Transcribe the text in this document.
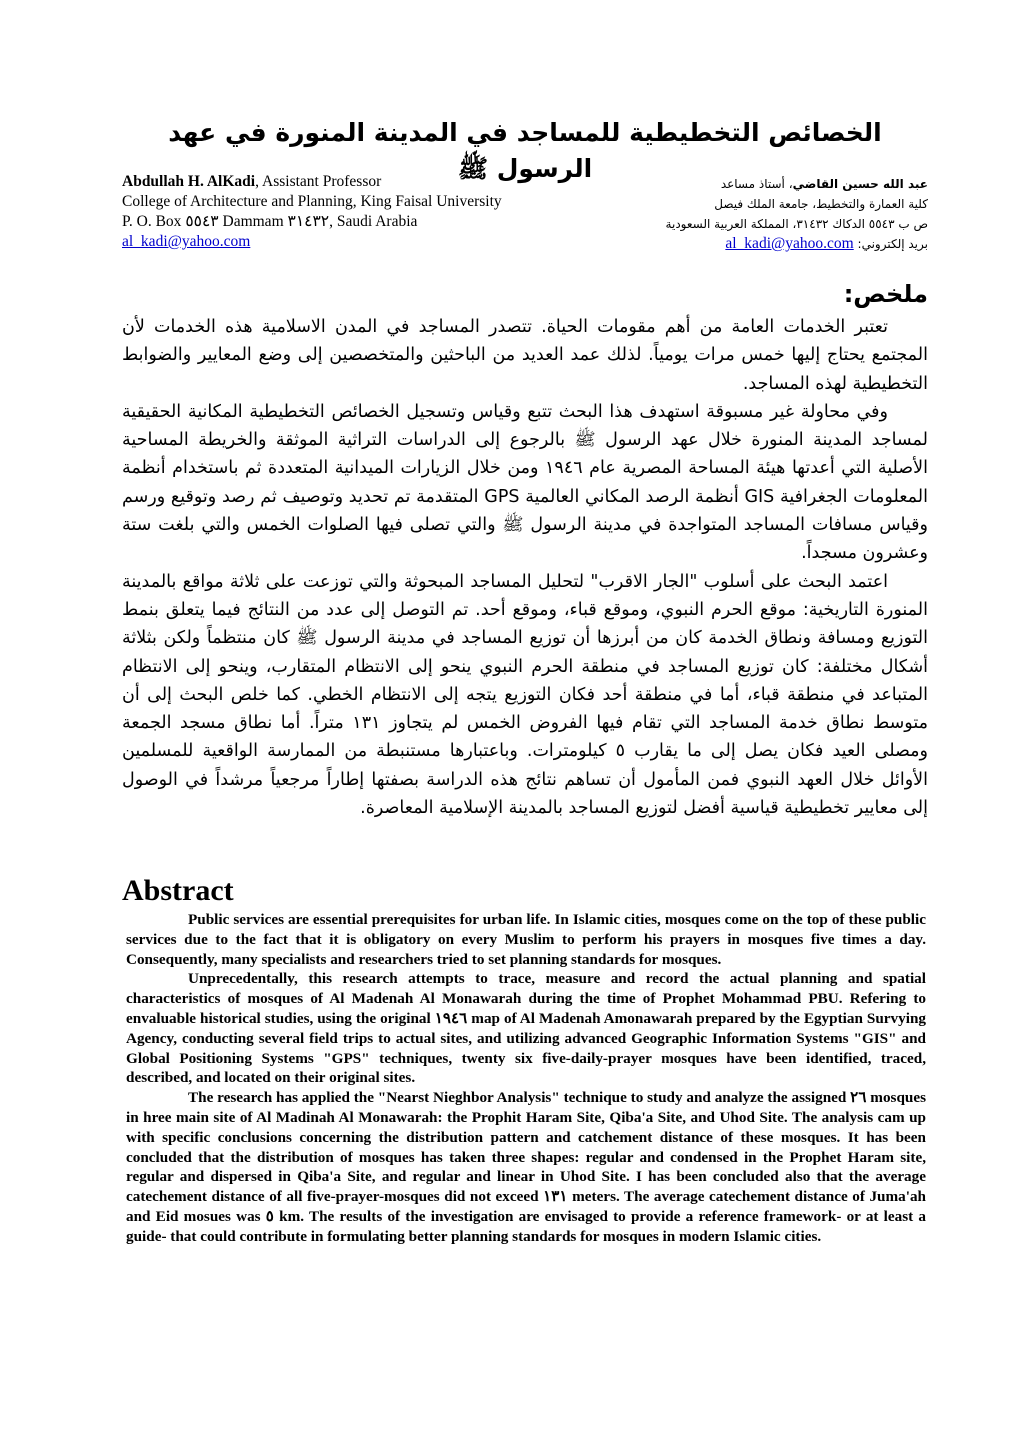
الخصائص التخطيطية للمساجد في المدينة المنورة في عهد الرسول ﷺ
Abdullah H. AlKadi, Assistant Professor
College of Architecture and Planning, King Faisal University
P. O. Box ٥٥٤٣ Dammam ٣١٤٣٢, Saudi Arabia
al_kadi@yahoo.com
عبد الله حسين القاضي، أستاذ مساعد
كلية العمارة والتخطيط، جامعة الملك فيصل
ص ب ٥٥٤٣ الدكاك ٣١٤٣٢، المملكة العربية السعودية
بريد إلكتروني: al_kadi@yahoo.com
ملخص:

تعتبر الخدمات العامة من أهم مقومات الحياة. تتصدر المساجد في المدن الاسلامية هذه الخدمات لأن المجتمع يحتاج إليها خمس مرات يومياً. لذلك عمد العديد من الباحثين والمتخصصين إلى وضع المعايير والضوابط التخطيطية لهذه المساجد.

وفي محاولة غير مسبوقة استهدف هذا البحث تتبع وقياس وتسجيل الخصائص التخطيطية المكانية الحقيقية لمساجد المدينة المنورة خلال عهد الرسول ﷺ بالرجوع إلى الدراسات التراثية الموثقة والخريطة المساحية الأصلية التي أعدتها هيئة المساحة المصرية عام ١٩٤٦ ومن خلال الزيارات الميدانية المتعددة ثم باستخدام أنظمة المعلومات الجغرافية GIS أنظمة الرصد المكاني العالمية GPS المتقدمة تم تحديد وتوصيف ثم رصد وتوقيع ورسم وقياس مسافات المساجد المتواجدة في مدينة الرسول ﷺ والتي تصلى فيها الصلوات الخمس والتي بلغت ستة وعشرون مسجداً.

اعتمد البحث على أسلوب "الجار الاقرب" لتحليل المساجد المبحوثة والتي توزعت على ثلاثة مواقع بالمدينة المنورة التاريخية: موقع الحرم النبوي، وموقع قباء، وموقع أحد. تم التوصل إلى عدد من النتائج فيما يتعلق بنمط التوزيع ومسافة ونطاق الخدمة كان من أبرزها أن توزيع المساجد في مدينة الرسول ﷺ كان منتظماً ولكن بثلاثة أشكال مختلفة: كان توزيع المساجد في منطقة الحرم النبوي ينحو إلى الانتظام المتقارب، وينحو إلى الانتظام المتباعد في منطقة قباء، أما في منطقة أحد فكان التوزيع يتجه إلى الانتظام الخطي. كما خلص البحث إلى أن متوسط نطاق خدمة المساجد التي تقام فيها الفروض الخمس لم يتجاوز ١٣١ متراً. أما نطاق مسجد الجمعة ومصلى العيد فكان يصل إلى ما يقارب ٥ كيلومترات. وباعتبارها مستنبطة من الممارسة الواقعية للمسلمين الأوائل خلال العهد النبوي فمن المأمول أن تساهم نتائج هذه الدراسة بصفتها إطاراً مرجعياً مرشداً في الوصول إلى معايير تخطيطية قياسية أفضل لتوزيع المساجد بالمدينة الإسلامية المعاصرة.

Abstract

Public services are essential prerequisites for urban life. In Islamic cities, mosques come on the top of these public services due to the fact that it is obligatory on every Muslim to perform his prayers in mosques five times a day. Consequently, many specialists and researchers tried to set planning standards for mosques.

Unprecedentally, this research attempts to trace, measure and record the actual planning and spatial characteristics of mosques of Al Madenah Al Monawarah during the time of Prophet Mohammad PBU. Refering to envaluable historical studies, using the original ١٩٤٦ map of Al Madenah Amonawarah prepared by the Egyptian Survying Agency, conducting several field trips to actual sites, and utilizing advanced Geographic Information Systems "GIS" and Global Positioning Systems "GPS" techniques, twenty six five-daily-prayer mosques have been identified, traced, described, and located on their original sites.

The research has applied the "Nearst Nieghbor Analysis" technique to study and analyze the assigned ٢٦ mosques in hree main site of Al Madinah Al Monawarah: the Prophit Haram Site, Qiba'a Site, and Uhod Site. The analysis cam up with specific conclusions concerning the distribution pattern and catchement distance of these mosques. It has been concluded that the distribution of mosques has taken three shapes: regular and condensed in the Prophet Haram site, regular and dispersed in Qiba'a Site, and regular and linear in Uhod Site. I has been concluded also that the average catechement distance of all five-prayer-mosques did not exceed ١٣١ meters. The average catechement distance of Juma'ah and Eid mosues was ٥ km. The results of the investigation are envisaged to provide a reference framework- or at least a guide- that could contribute in formulating better planning standards for mosques in modern Islamic cities.
